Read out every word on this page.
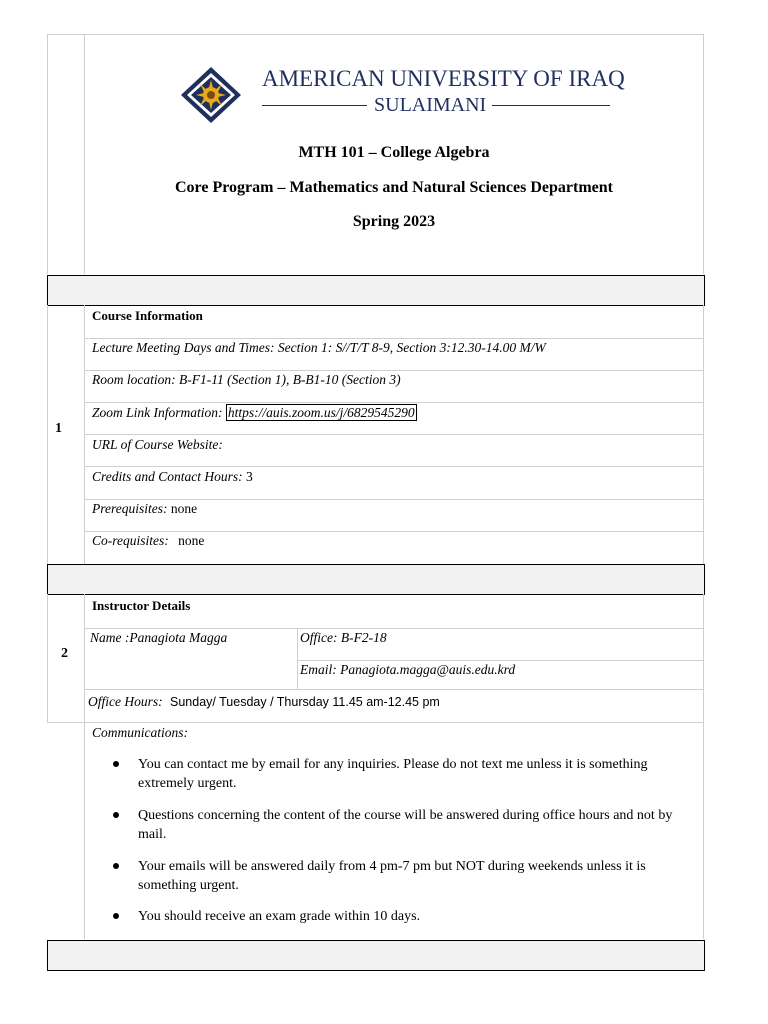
AMERICAN UNIVERSITY OF IRAQ
SULAIMANI
MTH 101 – College Algebra
Core Program – Mathematics and Natural Sciences Department
Spring 2023
1
Course Information
Lecture Meeting Days and Times: Section 1: S//T/T 8-9, Section 3:12.30-14.00 M/W
Room location: B-F1-11 (Section 1), B-B1-10 (Section 3)
Zoom Link Information: https://auis.zoom.us/j/6829545290
URL of Course Website:
Credits and Contact Hours: 3
Prerequisites: none
Co-requisites: none
2
Instructor Details
Name :Panagiota Magga	Office: B-F2-18
Email: Panagiota.magga@auis.edu.krd
Office Hours: Sunday/ Tuesday / Thursday 11.45 am-12.45 pm
Communications:
You can contact me by email for any inquiries. Please do not text me unless it is something extremely urgent.
Questions concerning the content of the course will be answered during office hours and not by mail.
Your emails will be answered daily from 4 pm-7 pm but NOT during weekends unless it is something urgent.
You should receive an exam grade within 10 days.
